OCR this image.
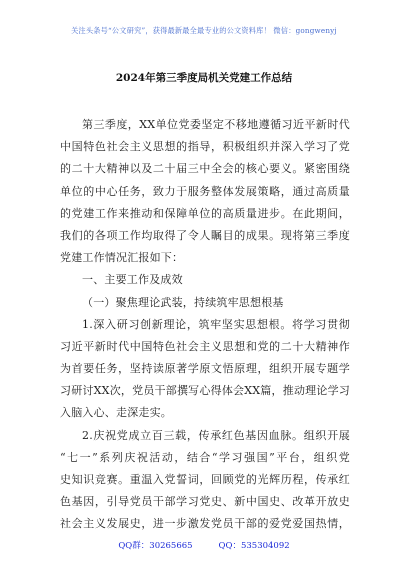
关注头条号“公文研究”，获得最新最全最专业的公文资料库！ 微信：gongwenyj
2024年第三季度局机关党建工作总结
第三季度，XX单位党委坚定不移地遵循习近平新时代
中国特色社会主义思想的指导，积极组织并深入学习了党
的二十大精神以及二十届三中全会的核心要义。紧密围绕
单位的中心任务，致力于服务整体发展策略，通过高质量
的党建工作来推动和保障单位的高质量进步。在此期间，
我们的各项工作均取得了令人瞩目的成果。现将第三季度
党建工作情况汇报如下：
一、主要工作及成效
（一）聚焦理论武装，持续筑牢思想根基
1.深入研习创新理论，筑牢坚实思想根。将学习贯彻
习近平新时代中国特色社会主义思想和党的二十大精神作
为首要任务，坚持读原著学原文悟原理，组织开展专题学
习研讨XX次，党员干部撰写心得体会XX篇，推动理论学习
入脑入心、走深走实。
2.庆祝党成立百三载，传承红色基因血脉。组织开展
“七一”系列庆祝活动，结合“学习强国”平台，组织党
史知识竞赛。重温入党誓词，回顾党的光辉历程，传承红
色基因，引导党员干部学习党史、新中国史、改革开放史
社会主义发展史，进一步激发党员干部的爱党爱国热情，
QQ群：30265665	QQ：535304092
